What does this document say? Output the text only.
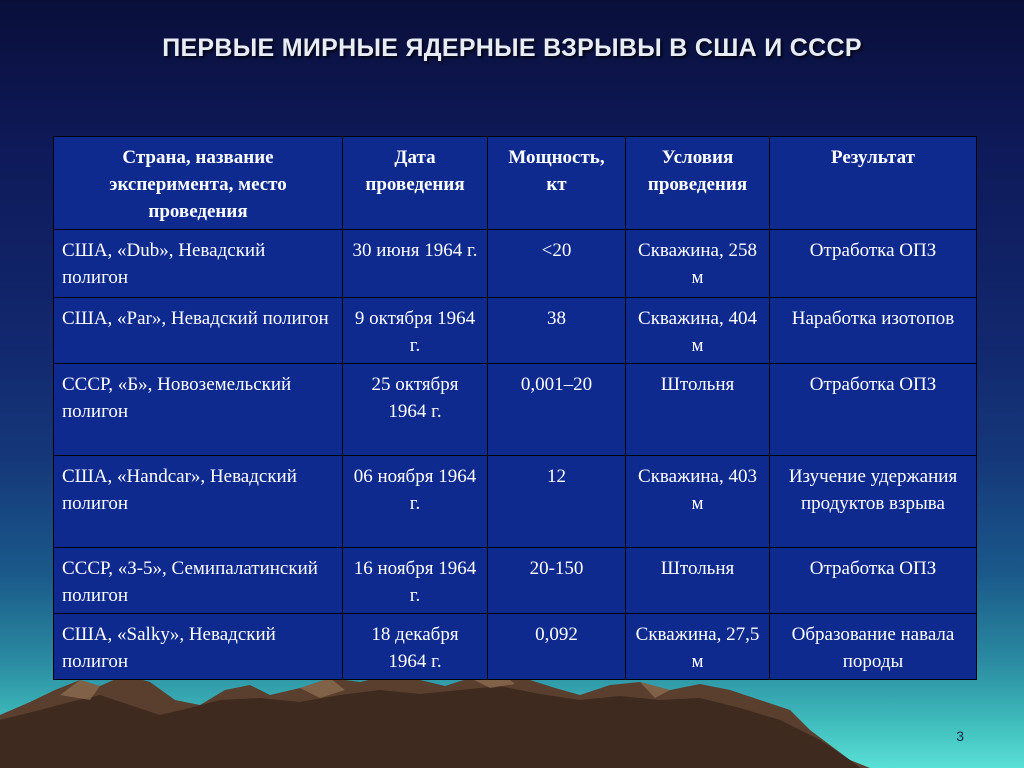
ПЕРВЫЕ МИРНЫЕ ЯДЕРНЫЕ ВЗРЫВЫ В США И СССР
Страна, название эксперимента, место проведения	Дата проведения	Мощность, кт	Условия проведения	Результат
США, «Dub», Невадский полигон	30 июня 1964 г.	<20	Скважина, 258 м	Отработка ОПЗ
США, «Par», Невадский полигон	9 октября 1964 г.	38	Скважина, 404 м	Наработка изотопов
СССР, «Б», Новоземельский полигон	25 октября 1964 г.	0,001–20	Штольня	Отработка ОПЗ
США, «Handcar», Невадский полигон	06 ноября 1964 г.	12	Скважина, 403 м	Изучение удержания продуктов взрыва
СССР, «З-5», Семипалатинский полигон	16 ноября 1964 г.	20-150	Штольня	Отработка ОПЗ
США, «Salky», Невадский полигон	18 декабря 1964 г.	0,092	Скважина, 27,5 м	Образование навала породы
3
